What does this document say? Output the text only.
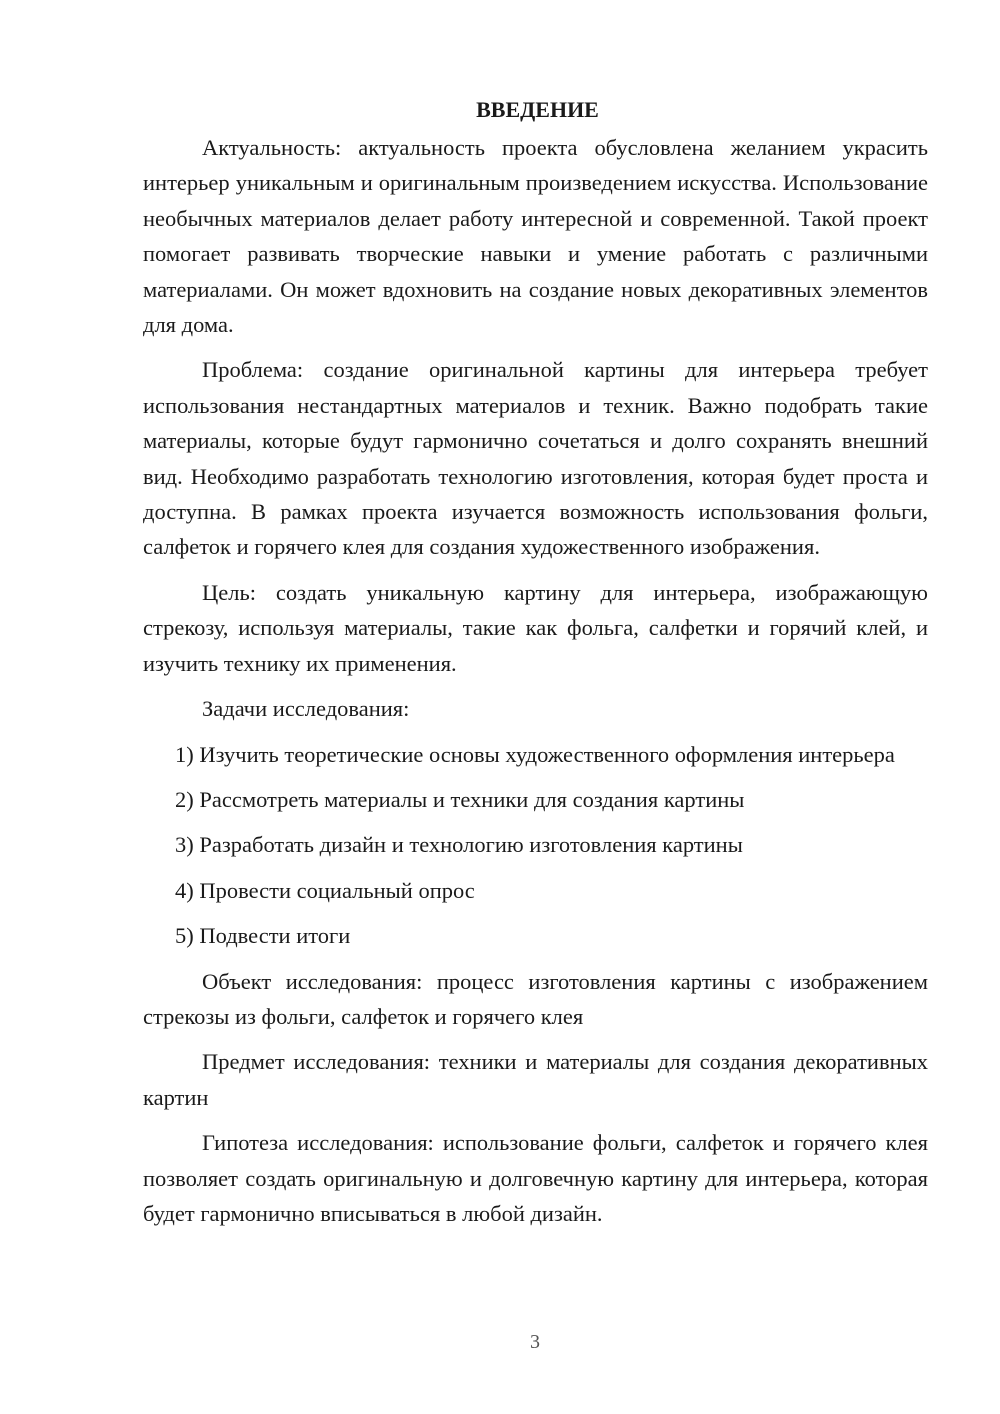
ВВЕДЕНИЕ

Актуальность: актуальность проекта обусловлена желанием украсить интерьер уникальным и оригинальным произведением искусства. Использование необычных материалов делает работу интересной и современной. Такой проект помогает развивать творческие навыки и умение работать с различными материалами. Он может вдохновить на создание новых декоративных элементов для дома.

Проблема: создание оригинальной картины для интерьера требует использования нестандартных материалов и техник. Важно подобрать такие материалы, которые будут гармонично сочетаться и долго сохранять внешний вид. Необходимо разработать технологию изготовления, которая будет проста и доступна. В рамках проекта изучается возможность использования фольги, салфеток и горячего клея для создания художественного изображения.

Цель: создать уникальную картину для интерьера, изображающую стрекозу, используя материалы, такие как фольга, салфетки и горячий клей, и изучить технику их применения.

Задачи исследования:

1) Изучить теоретические основы художественного оформления интерьера

2) Рассмотреть материалы и техники для создания картины

3) Разработать дизайн и технологию изготовления картины

4) Провести социальный опрос

5) Подвести итоги

Объект исследования: процесс изготовления картины с изображением стрекозы из фольги, салфеток и горячего клея

Предмет исследования: техники и материалы для создания декоративных картин

Гипотеза исследования: использование фольги, салфеток и горячего клея позволяет создать оригинальную и долговечную картину для интерьера, которая будет гармонично вписываться в любой дизайн.

3
